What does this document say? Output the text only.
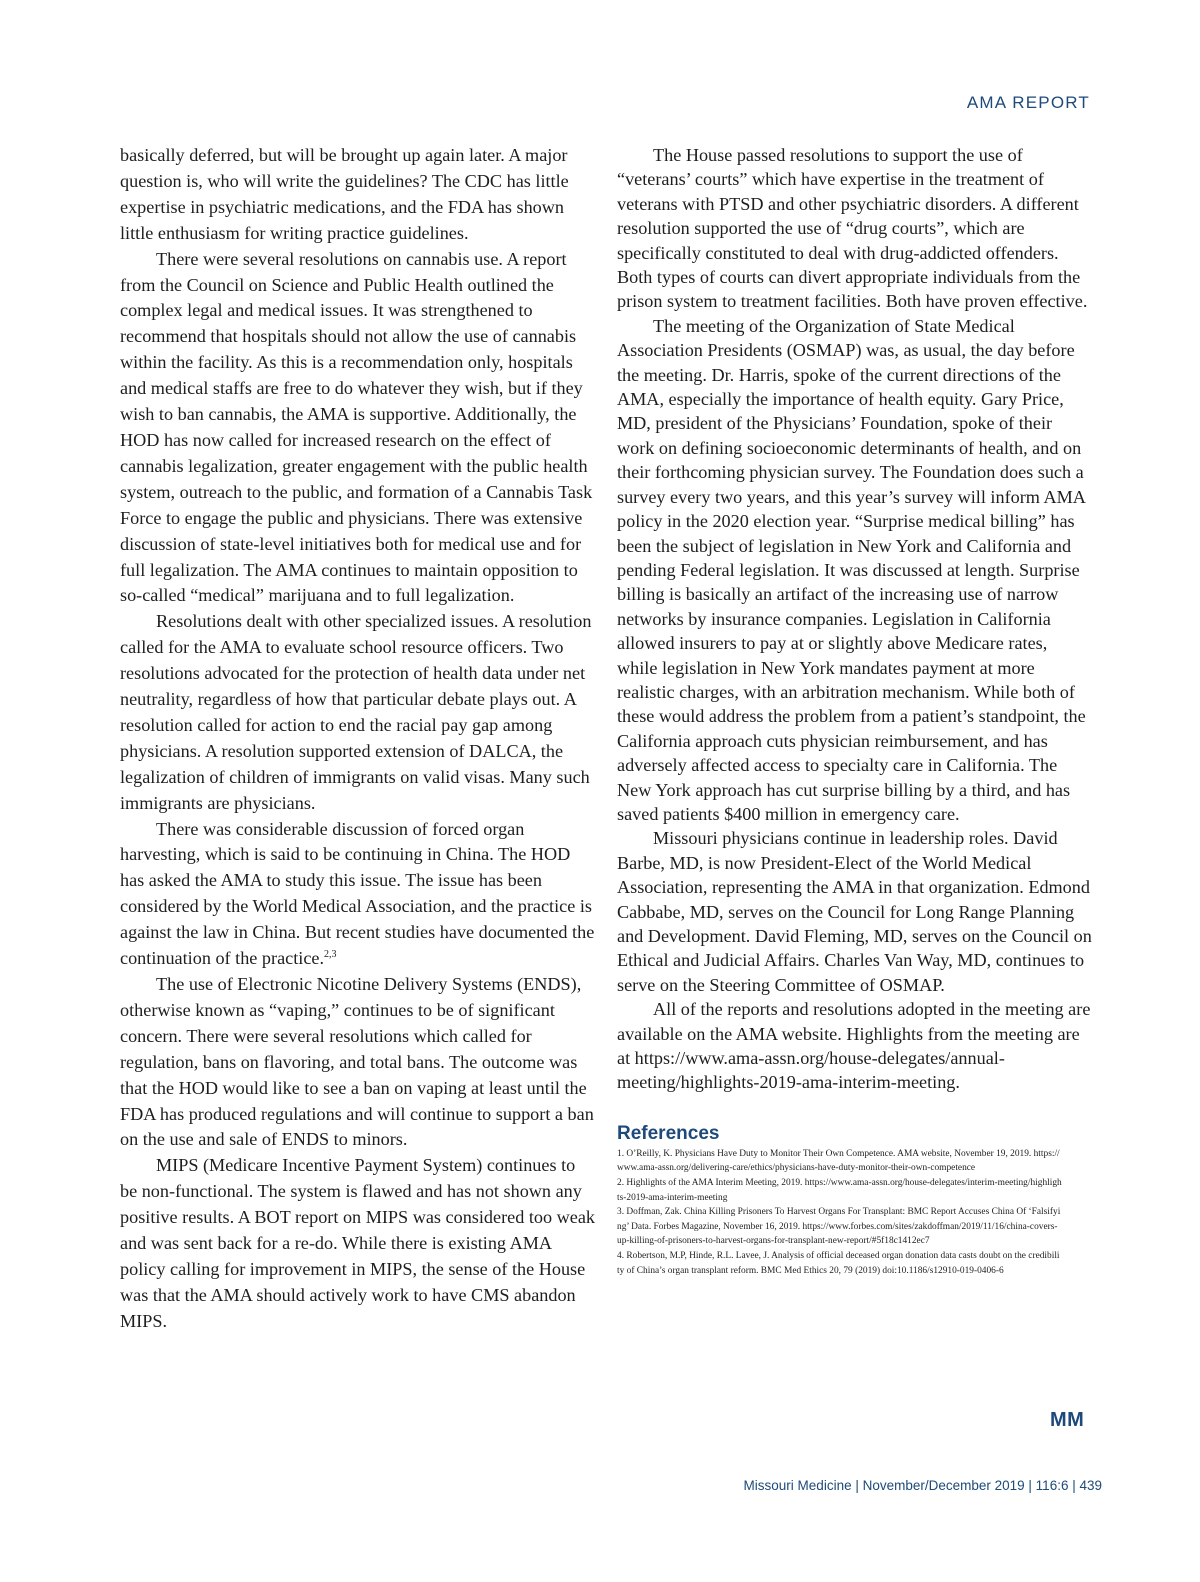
AMA REPORT

basically deferred, but will be brought up again later. A major question is, who will write the guidelines? The CDC has little expertise in psychiatric medications, and the FDA has shown little enthusiasm for writing practice guidelines.

There were several resolutions on cannabis use. A report from the Council on Science and Public Health outlined the complex legal and medical issues. It was strengthened to recommend that hospitals should not allow the use of cannabis within the facility. As this is a recommendation only, hospitals and medical staffs are free to do whatever they wish, but if they wish to ban cannabis, the AMA is supportive. Additionally, the HOD has now called for increased research on the effect of cannabis legalization, greater engagement with the public health system, outreach to the public, and formation of a Cannabis Task Force to engage the public and physicians. There was extensive discussion of state-level initiatives both for medical use and for full legalization. The AMA continues to maintain opposition to so-called “medical” marijuana and to full legalization.

Resolutions dealt with other specialized issues. A resolution called for the AMA to evaluate school resource officers. Two resolutions advocated for the protection of health data under net neutrality, regardless of how that particular debate plays out. A resolution called for action to end the racial pay gap among physicians. A resolution supported extension of DALCA, the legalization of children of immigrants on valid visas. Many such immigrants are physicians.

There was considerable discussion of forced organ harvesting, which is said to be continuing in China. The HOD has asked the AMA to study this issue. The issue has been considered by the World Medical Association, and the practice is against the law in China. But recent studies have documented the continuation of the practice.$^{2,3}$

The use of Electronic Nicotine Delivery Systems (ENDS), otherwise known as “vaping,” continues to be of significant concern. There were several resolutions which called for regulation, bans on flavoring, and total bans. The outcome was that the HOD would like to see a ban on vaping at least until the FDA has produced regulations and will continue to support a ban on the use and sale of ENDS to minors.

MIPS (Medicare Incentive Payment System) continues to be non-functional. The system is flawed and has not shown any positive results. A BOT report on MIPS was considered too weak and was sent back for a re-do. While there is existing AMA policy calling for improvement in MIPS, the sense of the House was that the AMA should actively work to have CMS abandon MIPS.

The House passed resolutions to support the use of “veterans’ courts” which have expertise in the treatment of veterans with PTSD and other psychiatric disorders. A different resolution supported the use of “drug courts”, which are specifically constituted to deal with drug-addicted offenders. Both types of courts can divert appropriate individuals from the prison system to treatment facilities. Both have proven effective.

The meeting of the Organization of State Medical Association Presidents (OSMAP) was, as usual, the day before the meeting. Dr. Harris, spoke of the current directions of the AMA, especially the importance of health equity. Gary Price, MD, president of the Physicians’ Foundation, spoke of their work on defining socioeconomic determinants of health, and on their forthcoming physician survey. The Foundation does such a survey every two years, and this year’s survey will inform AMA policy in the 2020 election year. “Surprise medical billing” has been the subject of legislation in New York and California and pending Federal legislation. It was discussed at length. Surprise billing is basically an artifact of the increasing use of narrow networks by insurance companies. Legislation in California allowed insurers to pay at or slightly above Medicare rates, while legislation in New York mandates payment at more realistic charges, with an arbitration mechanism. While both of these would address the problem from a patient’s standpoint, the California approach cuts physician reimbursement, and has adversely affected access to specialty care in California. The New York approach has cut surprise billing by a third, and has saved patients $400 million in emergency care.

Missouri physicians continue in leadership roles. David Barbe, MD, is now President-Elect of the World Medical Association, representing the AMA in that organization. Edmond Cabbabe, MD, serves on the Council for Long Range Planning and Development. David Fleming, MD, serves on the Council on Ethical and Judicial Affairs. Charles Van Way, MD, continues to serve on the Steering Committee of OSMAP.

All of the reports and resolutions adopted in the meeting are available on the AMA website. Highlights from the meeting are at https://www.ama-assn.org/house-delegates/annual-meeting/highlights-2019-ama-interim-meeting.

References
1. O’Reilly, K. Physicians Have Duty to Monitor Their Own Competence. AMA website, November 19, 2019. https://www.ama-assn.org/delivering-care/ethics/physicians-have-duty-monitor-their-own-competence
2. Highlights of the AMA Interim Meeting, 2019. https://www.ama-assn.org/house-delegates/interim-meeting/highlights-2019-ama-interim-meeting
3. Doffman, Zak. China Killing Prisoners To Harvest Organs For Transplant: BMC Report Accuses China Of ‘Falsifying’ Data. Forbes Magazine, November 16, 2019. https://www.forbes.com/sites/zakdoffman/2019/11/16/china-covers-up-killing-of-prisoners-to-harvest-organs-for-transplant-new-report/#5f18c1412ec7
4. Robertson, M.P, Hinde, R.L. Lavee, J. Analysis of official deceased organ donation data casts doubt on the credibility of China’s organ transplant reform. BMC Med Ethics 20, 79 (2019) doi:10.1186/s12910-019-0406-6
MM
Missouri Medicine | November/December 2019 | 116:6 | 439
